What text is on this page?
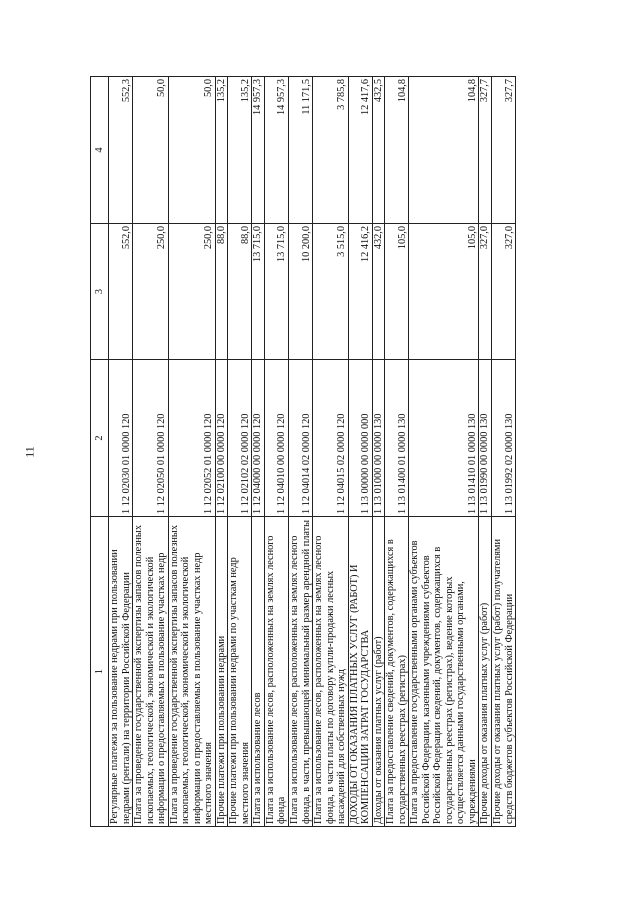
11
1	2	3	4
Регулярные платежи за пользование недрами при пользовании недрами (рентали) на территории Российской Федерации	1 12 02030 01 0000 120	552,0	552,3
Плата за проведение государственной экспертизы запасов полезных ископаемых, геологической, экономической и экологической информации о предоставляемых в пользование участках недр	1 12 02050 01 0000 120	250,0	50,0
Плата за проведение государственной экспертизы запасов полезных ископаемых, геологической, экономической и экологической информации о предоставляемых в пользование участках недр местного значения	1 12 02052 01 0000 120	250,0	50,0
Прочие платежи при пользовании недрами	1 12 02100 00 0000 120	88,0	135,2
Прочие платежи при пользовании недрами по участкам недр местного значения	1 12 02102 02 0000 120	88,0	135,2
Плата за использование лесов	1 12 04000 00 0000 120	13 715,0	14 957,3
Плата за использование лесов, расположенных на землях лесного фонда	1 12 04010 00 0000 120	13 715,0	14 957,3
Плата за использование лесов, расположенных на землях лесного фонда, в части, превышающей минимальный размер арендной платы	1 12 04014 02 0000 120	10 200,0	11 171,5
Плата за использование лесов, расположенных на землях лесного фонда, в части платы по договору купли-продажи лесных насаждений для собственных нужд	1 12 04015 02 0000 120	3 515,0	3 785,8
ДОХОДЫ ОТ ОКАЗАНИЯ ПЛАТНЫХ УСЛУГ (РАБОТ) И КОМПЕНСАЦИИ ЗАТРАТ ГОСУДАРСТВА	1 13 00000 00 0000 000	12 416,2	12 417,6
Доходы от оказания платных услуг (работ)	1 13 01000 00 0000 130	432,0	432,5
Плата за предоставление сведений, документов, содержащихся в государственных реестрах (регистрах)	1 13 01400 01 0000 130	105,0	104,8
Плата за предоставление государственными органами субъектов Российской Федерации, казенными учреждениями субъектов Российской Федерации сведений, документов, содержащихся в государственных реестрах (регистрах), ведение которых осуществляется данными государственными органами, учреждениями	1 13 01410 01 0000 130	105,0	104,8
Прочие доходы от оказания платных услуг (работ)	1 13 01990 00 0000 130	327,0	327,7
Прочие доходы от оказания платных услуг (работ) получателями средств бюджетов субъектов Российской Федерации	1 13 01992 02 0000 130	327,0	327,7
